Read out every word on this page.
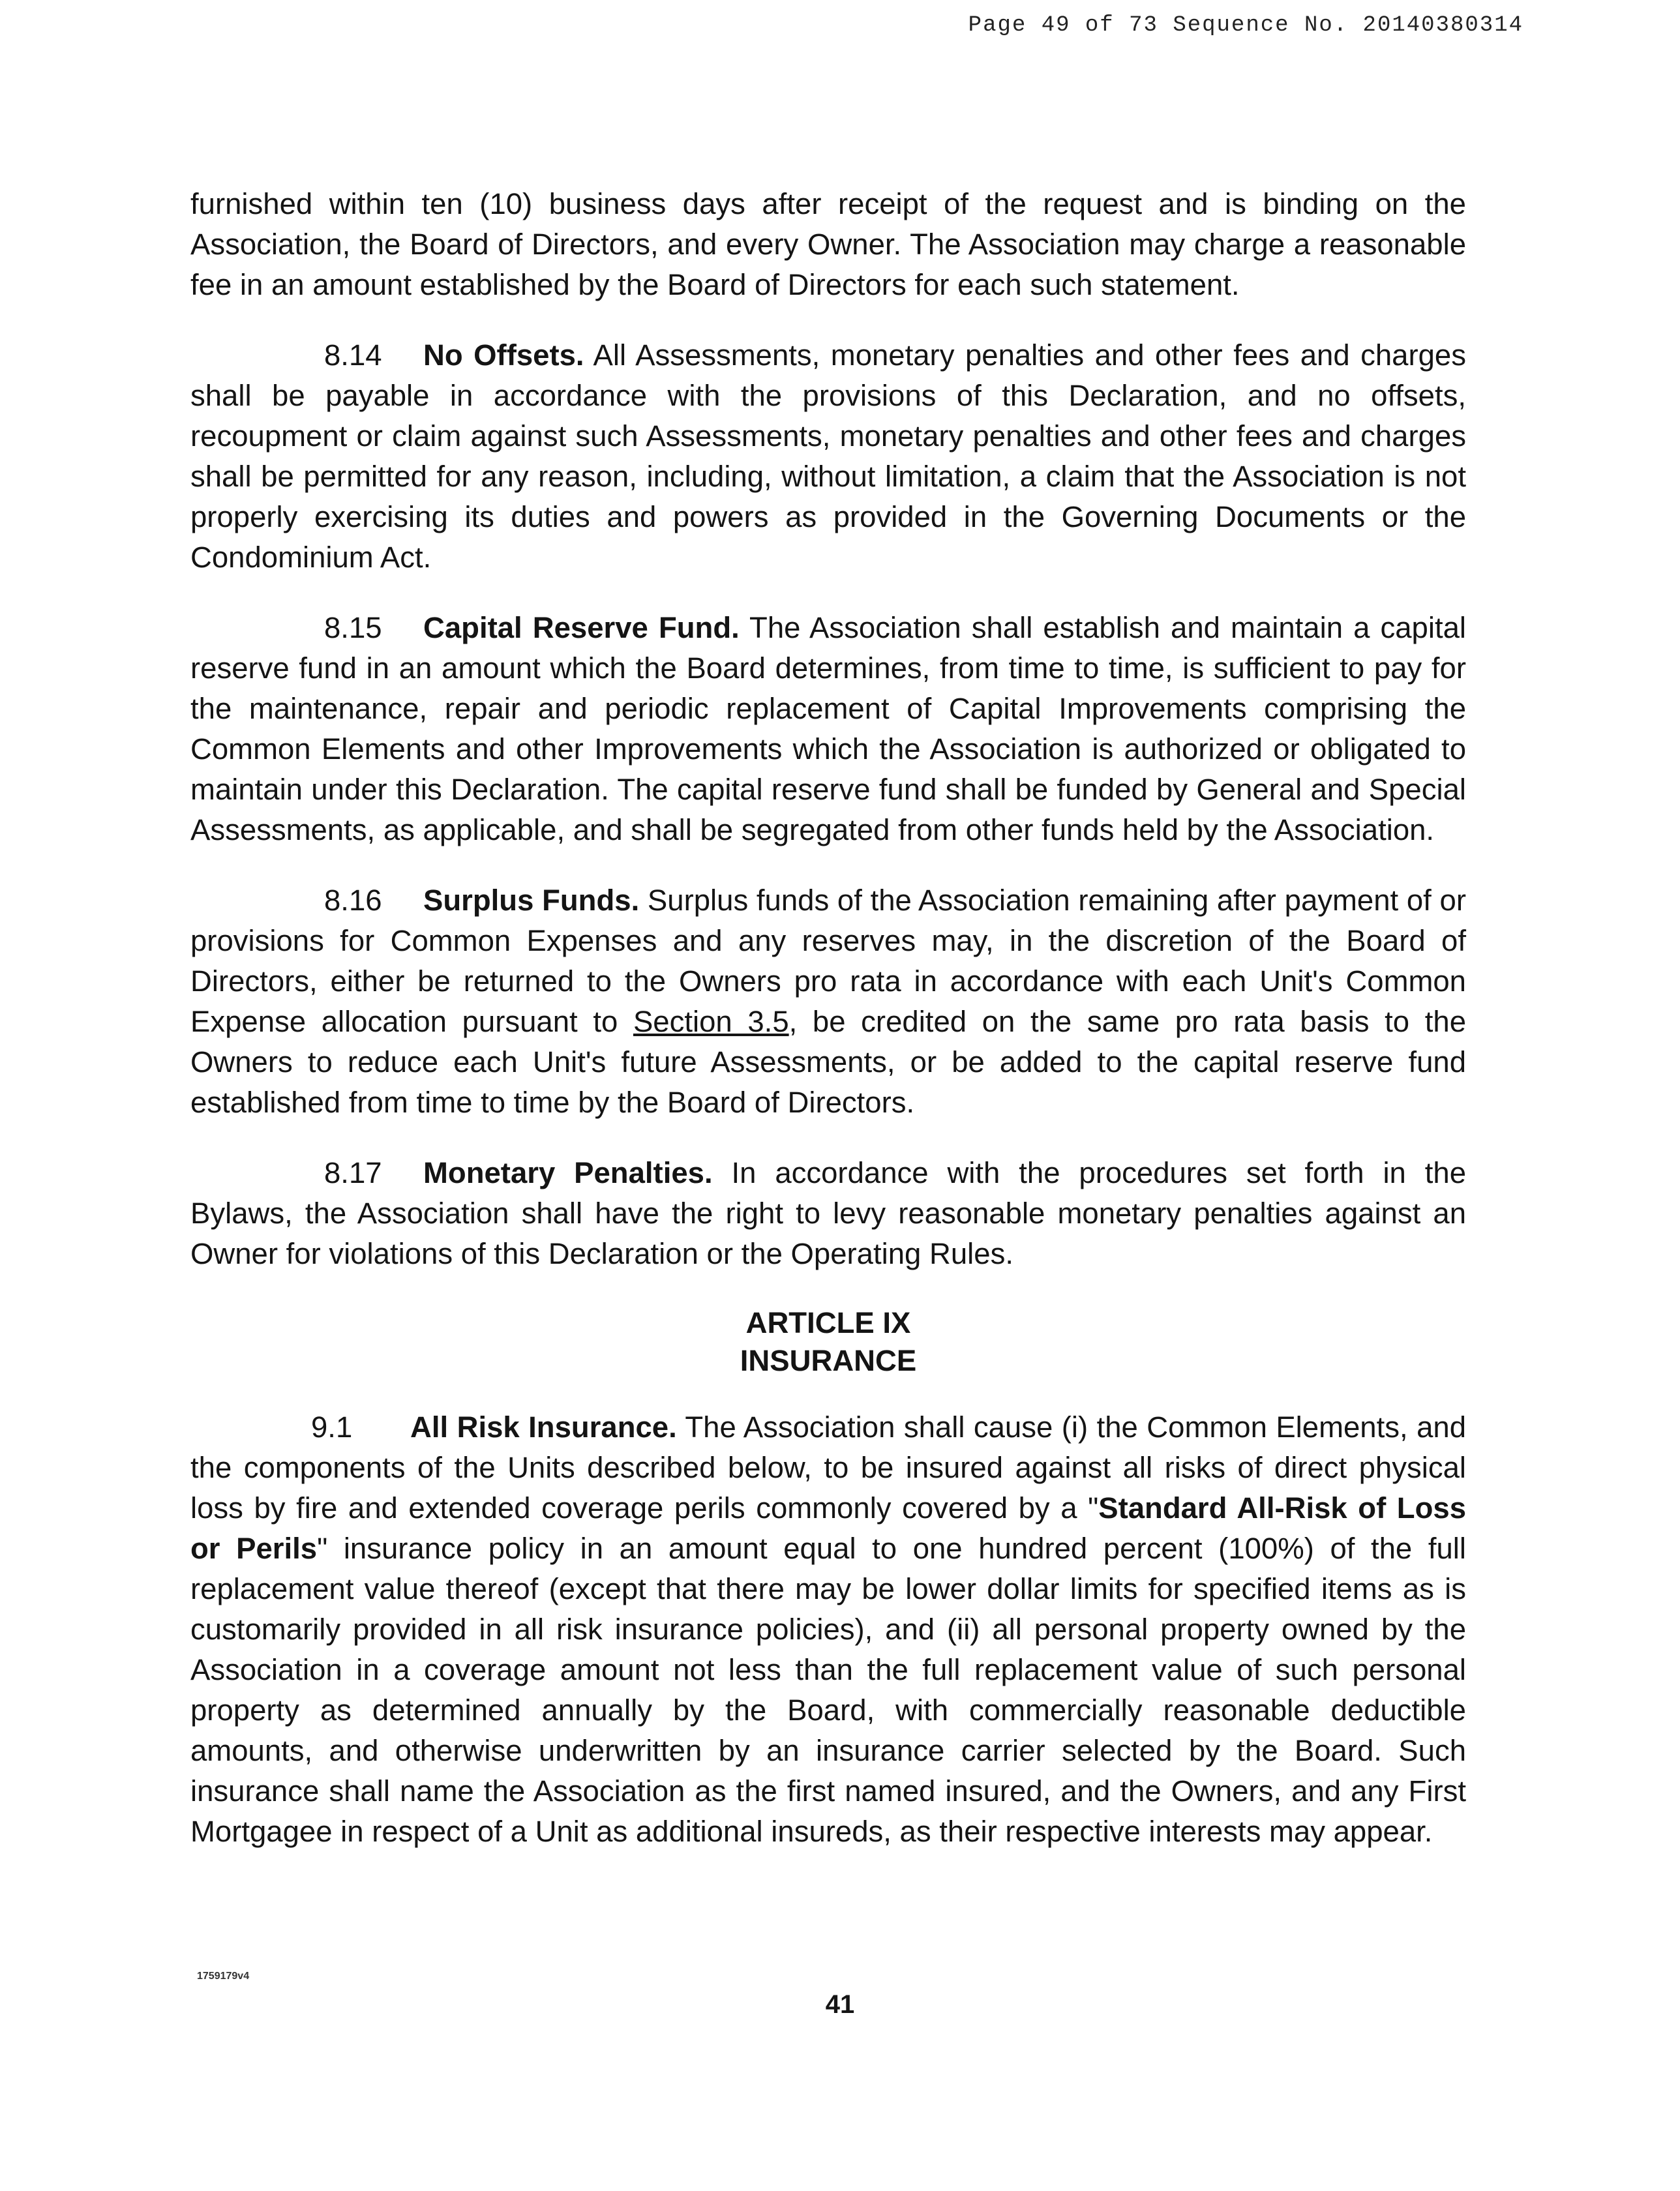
Page 49 of 73 Sequence No. 20140380314

furnished within ten (10) business days after receipt of the request and is binding on the Association, the Board of Directors, and every Owner. The Association may charge a reasonable fee in an amount established by the Board of Directors for each such statement.

8.14 No Offsets. All Assessments, monetary penalties and other fees and charges shall be payable in accordance with the provisions of this Declaration, and no offsets, recoupment or claim against such Assessments, monetary penalties and other fees and charges shall be permitted for any reason, including, without limitation, a claim that the Association is not properly exercising its duties and powers as provided in the Governing Documents or the Condominium Act.

8.15 Capital Reserve Fund. The Association shall establish and maintain a capital reserve fund in an amount which the Board determines, from time to time, is sufficient to pay for the maintenance, repair and periodic replacement of Capital Improvements comprising the Common Elements and other Improvements which the Association is authorized or obligated to maintain under this Declaration. The capital reserve fund shall be funded by General and Special Assessments, as applicable, and shall be segregated from other funds held by the Association.

8.16 Surplus Funds. Surplus funds of the Association remaining after payment of or provisions for Common Expenses and any reserves may, in the discretion of the Board of Directors, either be returned to the Owners pro rata in accordance with each Unit's Common Expense allocation pursuant to Section 3.5, be credited on the same pro rata basis to the Owners to reduce each Unit's future Assessments, or be added to the capital reserve fund established from time to time by the Board of Directors.

8.17 Monetary Penalties. In accordance with the procedures set forth in the Bylaws, the Association shall have the right to levy reasonable monetary penalties against an Owner for violations of this Declaration or the Operating Rules.

ARTICLE IX
INSURANCE

9.1 All Risk Insurance. The Association shall cause (i) the Common Elements, and the components of the Units described below, to be insured against all risks of direct physical loss by fire and extended coverage perils commonly covered by a "Standard All-Risk of Loss or Perils" insurance policy in an amount equal to one hundred percent (100%) of the full replacement value thereof (except that there may be lower dollar limits for specified items as is customarily provided in all risk insurance policies), and (ii) all personal property owned by the Association in a coverage amount not less than the full replacement value of such personal property as determined annually by the Board, with commercially reasonable deductible amounts, and otherwise underwritten by an insurance carrier selected by the Board. Such insurance shall name the Association as the first named insured, and the Owners, and any First Mortgagee in respect of a Unit as additional insureds, as their respective interests may appear.

1759179v4
41
